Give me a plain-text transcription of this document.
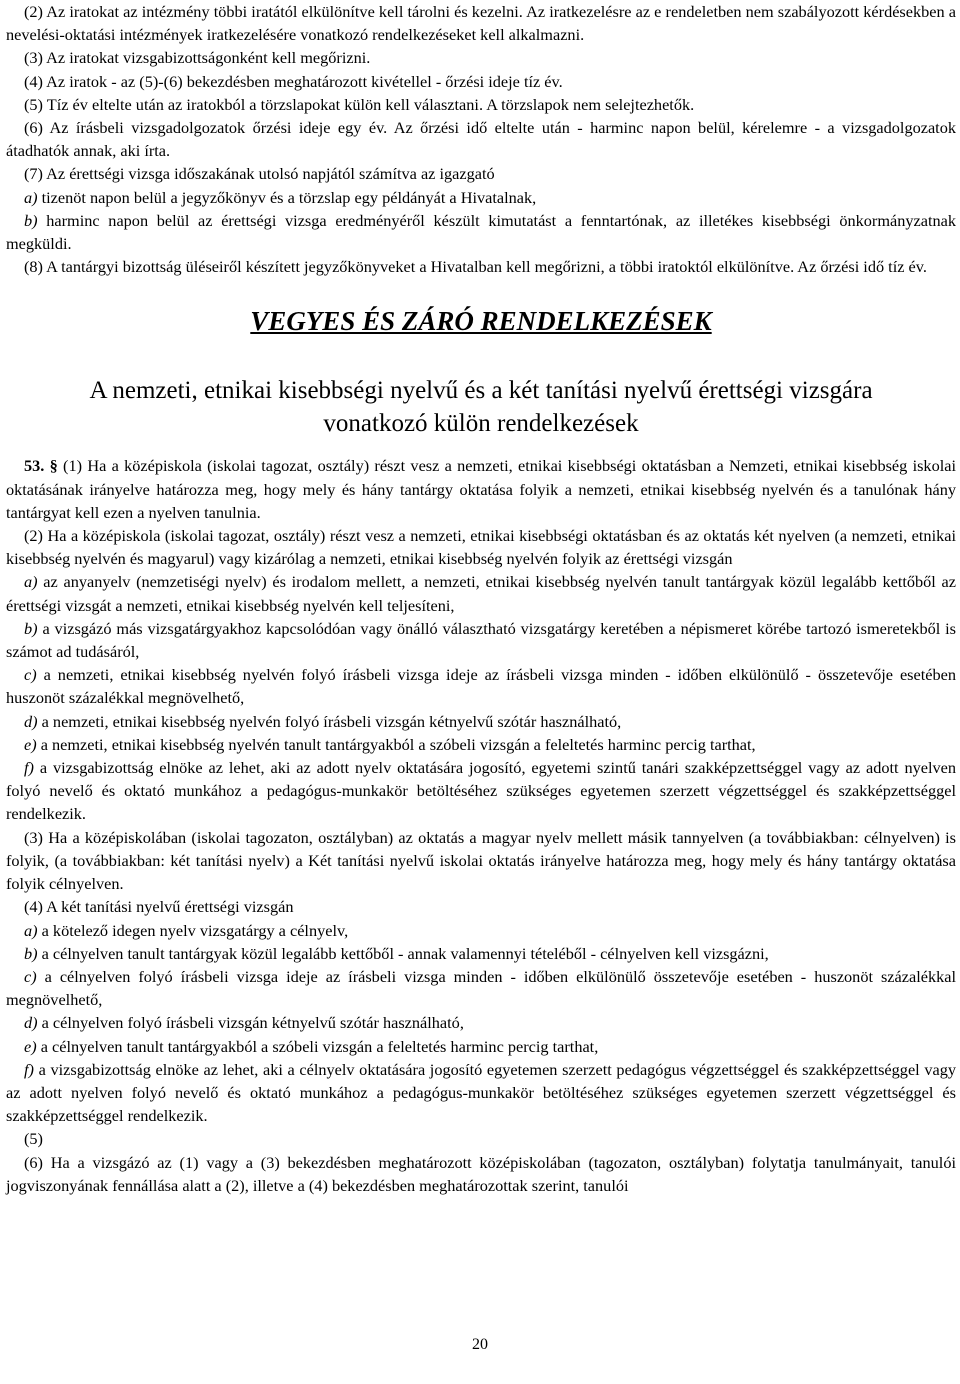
(2) Az iratokat az intézmény többi iratától elkülönítve kell tárolni és kezelni. Az iratkezelésre az e rendeletben nem szabályozott kérdésekben a nevelési-oktatási intézmények iratkezelésére vonatkozó rendelkezéseket kell alkalmazni.

(3) Az iratokat vizsgabizottságonként kell megőrizni.

(4) Az iratok - az (5)-(6) bekezdésben meghatározott kivétellel - őrzési ideje tíz év.

(5) Tíz év eltelte után az iratokból a törzslapokat külön kell választani. A törzslapok nem selejtezhetők.

(6) Az írásbeli vizsgadolgozatok őrzési ideje egy év. Az őrzési idő eltelte után - harminc napon belül, kérelemre - a vizsgadolgozatok átadhatók annak, aki írta.

(7) Az érettségi vizsga időszakának utolsó napjától számítva az igazgató

a) tizenöt napon belül a jegyzőkönyv és a törzslap egy példányát a Hivatalnak,

b) harminc napon belül az érettségi vizsga eredményéről készült kimutatást a fenntartónak, az illetékes kisebbségi önkormányzatnak megküldi.

(8) A tantárgyi bizottság üléseiről készített jegyzőkönyveket a Hivatalban kell megőrizni, a többi iratoktól elkülönítve. Az őrzési idő tíz év.

VEGYES ÉS ZÁRÓ RENDELKEZÉSEK
A nemzeti, etnikai kisebbségi nyelvű és a két tanítási nyelvű érettségi vizsgára vonatkozó külön rendelkezések

53. § (1) Ha a középiskola (iskolai tagozat, osztály) részt vesz a nemzeti, etnikai kisebbségi oktatásban a Nemzeti, etnikai kisebbség iskolai oktatásának irányelve határozza meg, hogy mely és hány tantárgy oktatása folyik a nemzeti, etnikai kisebbség nyelvén és a tanulónak hány tantárgyat kell ezen a nyelven tanulnia.

(2) Ha a középiskola (iskolai tagozat, osztály) részt vesz a nemzeti, etnikai kisebbségi oktatásban és az oktatás két nyelven (a nemzeti, etnikai kisebbség nyelvén és magyarul) vagy kizárólag a nemzeti, etnikai kisebbség nyelvén folyik az érettségi vizsgán

a) az anyanyelv (nemzetiségi nyelv) és irodalom mellett, a nemzeti, etnikai kisebbség nyelvén tanult tantárgyak közül legalább kettőből az érettségi vizsgát a nemzeti, etnikai kisebbség nyelvén kell teljesíteni,

b) a vizsgázó más vizsgatárgyakhoz kapcsolódóan vagy önálló választható vizsgatárgy keretében a népismeret körébe tartozó ismeretekből is számot ad tudásáról,

c) a nemzeti, etnikai kisebbség nyelvén folyó írásbeli vizsga ideje az írásbeli vizsga minden - időben elkülönülő - összetevője esetében huszonöt százalékkal megnövelhető,

d) a nemzeti, etnikai kisebbség nyelvén folyó írásbeli vizsgán kétnyelvű szótár használható,

e) a nemzeti, etnikai kisebbség nyelvén tanult tantárgyakból a szóbeli vizsgán a feleltetés harminc percig tarthat,

f) a vizsgabizottság elnöke az lehet, aki az adott nyelv oktatására jogosító, egyetemi szintű tanári szakképzettséggel vagy az adott nyelven folyó nevelő és oktató munkához a pedagógus-munkakör betöltéséhez szükséges egyetemen szerzett végzettséggel és szakképzettséggel rendelkezik.

(3) Ha a középiskolában (iskolai tagozaton, osztályban) az oktatás a magyar nyelv mellett másik tannyelven (a továbbiakban: célnyelven) is folyik, (a továbbiakban: két tanítási nyelv) a Két tanítási nyelvű iskolai oktatás irányelve határozza meg, hogy mely és hány tantárgy oktatása folyik célnyelven.

(4) A két tanítási nyelvű érettségi vizsgán

a) a kötelező idegen nyelv vizsgatárgy a célnyelv,

b) a célnyelven tanult tantárgyak közül legalább kettőből - annak valamennyi tételéből - célnyelven kell vizsgázni,

c) a célnyelven folyó írásbeli vizsga ideje az írásbeli vizsga minden - időben elkülönülő összetevője esetében - huszonöt százalékkal megnövelhető,

d) a célnyelven folyó írásbeli vizsgán kétnyelvű szótár használható,

e) a célnyelven tanult tantárgyakból a szóbeli vizsgán a feleltetés harminc percig tarthat,

f) a vizsgabizottság elnöke az lehet, aki a célnyelv oktatására jogosító egyetemen szerzett pedagógus végzettséggel és szakképzettséggel vagy az adott nyelven folyó nevelő és oktató munkához a pedagógus-munkakör betöltéséhez szükséges egyetemen szerzett végzettséggel és szakképzettséggel rendelkezik.

(5)

(6) Ha a vizsgázó az (1) vagy a (3) bekezdésben meghatározott középiskolában (tagozaton, osztályban) folytatja tanulmányait, tanulói jogviszonyának fennállása alatt a (2), illetve a (4) bekezdésben meghatározottak szerint, tanulói

20
